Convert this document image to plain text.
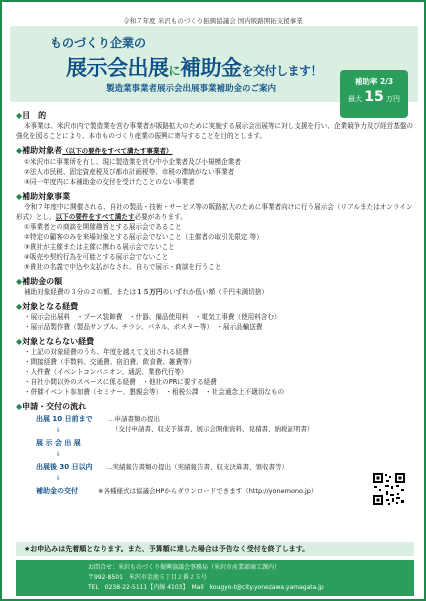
令和７年度 米沢ものづくり振興協議会 国内販路開拓支援事業
ものづくり企業の
展示会出展に補助金を交付します！
製造業事業者展示会出展事業補助金のご案内
補助率 2/3
最大 15 万円
◆目　的
本事業は、米沢市内で製造業を営む事業者が販路拡大のために実施する展示会出展等に対し支援を行い、企業競争力及び経営基盤の強化を図ることにより、本市ものづくり産業の振興に寄与することを目的とします。
◆補助対象者（以下の要件をすべて満たす事業者）
①米沢市に事業所を有し、現に製造業を営む中小企業者及び小規模企業者
②法人市民税、固定資産税及び都市計画税等、市税の滞納がない事業者
③同一年度内に本補助金の交付を受けたことのない事業者
◆補助対象事業
令和７年度中に開催される、自社の製品・技術・サービス等の販路拡大のために事業者向けに行う展示会（リアルまたはオンライン形式）とし、以下の要件をすべて満たす必要があります。
①事業者との商談を開催趣旨とする展示会であること
②特定の顧客のみを来場対象とする展示会でないこと（主催者の取引先限定 等）
③貴社が主催または主催に携わる展示会でないこと
④販売や契約行為を可能とする展示会でないこと
⑤貴社の名義で申込や支払がなされ、自らで展示・商談を行うこと
◆補助金の額
補助対象経費の３分の２の額、または１５万円のいずれか低い額（千円未満切捨）
◆対象となる経費
・展示会出展料　・ブース装飾費　・什器、備品使用料　・電気工事費（使用料含む）
・展示品製作費（製品サンプル、チラシ、パネル、ポスター等）　・展示品輸送費
◆対象とならない経費
・上記の対象経費のうち、年度を越えて支出される経費
・間接経費（手数料、交通費、宿泊費、飲食費、雑費等）
・人件費（イベントコンパニオン、通訳、業務代行等）
・自社小間以外のスペースに係る経費　・他社のPRに要する経費
・併催イベント参加費（セミナー、懇親会等）　・租税公課　・社会通念上不適切なもの
◆申請・交付の流れ
出展 10 日前まで …申請書類の提出
（交付申請書、収支予算書、展示会開催資料、見積書、納税証明書）
⇩
展 示 会 出 展
⇩
出展後 30 日以内 …実績報告書類の提出（実績報告書、収支決算書、領収書等）
⇩
補助金の交付	※各種様式は協議会HPからダウンロードできます（http://yonemono.jp）
★お申込みは先着順となります。また、予算額に達した場合は予告なく受付を終了します。
お問合せ：米沢ものづくり振興協議会事務局（米沢市産業部商工課内）
〒992-8501　米沢市金池５丁目２番２５号
TEL　0238-22-5111【内線 4103】　Mail　kougyo-t@city.yonezawa.yamagata.jp
